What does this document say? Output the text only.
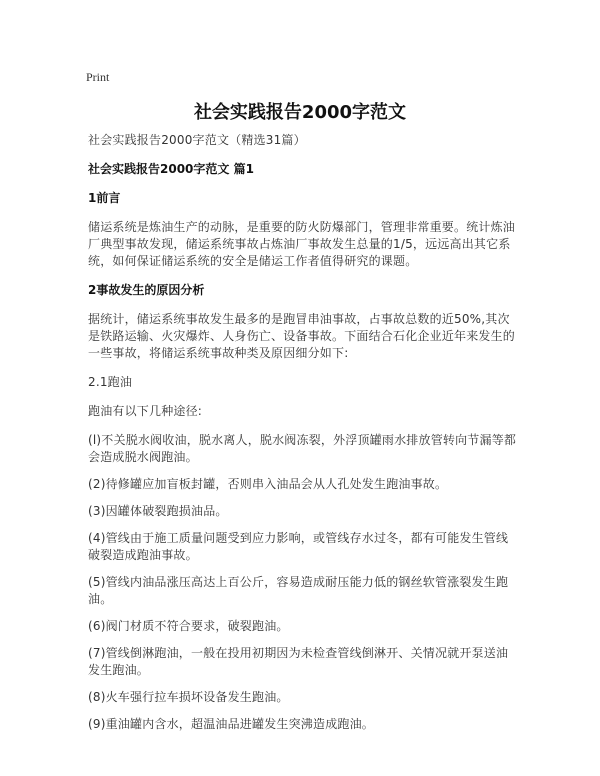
Print
社会实践报告2000字范文

社会实践报告2000字范文（精选31篇）

社会实践报告2000字范文 篇1

1前言

储运系统是炼油生产的动脉，是重要的防火防爆部门，管理非常重要。统计炼油厂典型事故发现，储运系统事故占炼油厂事故发生总量的1/5，远远高出其它系统，如何保证储运系统的安全是储运工作者值得研究的课题。

2事故发生的原因分析

据统计，储运系统事故发生最多的是跑冒串油事故，占事故总数的近50%,其次是铁路运输、火灾爆炸、人身伤亡、设备事故。下面结合石化企业近年来发生的一些事故，将储运系统事故种类及原因细分如下:

2.1跑油

跑油有以下几种途径:

(l)不关脱水阀收油，脱水离人，脱水阀冻裂，外浮顶罐雨水排放管转向节漏等都会造成脱水阀跑油。

(2)待修罐应加盲板封罐，否则串入油品会从人孔处发生跑油事故。

(3)因罐体破裂跑损油品。

(4)管线由于施工质量问题受到应力影响，或管线存水过冬，都有可能发生管线破裂造成跑油事故。

(5)管线内油品涨压高达上百公斤，容易造成耐压能力低的钢丝软管涨裂发生跑油。

(6)阀门材质不符合要求，破裂跑油。

(7)管线倒淋跑油，一般在投用初期因为未检查管线倒淋开、关情况就开泵送油发生跑油。

(8)火车强行拉车损坏设备发生跑油。

(9)重油罐内含水，超温油品进罐发生突沸造成跑油。
